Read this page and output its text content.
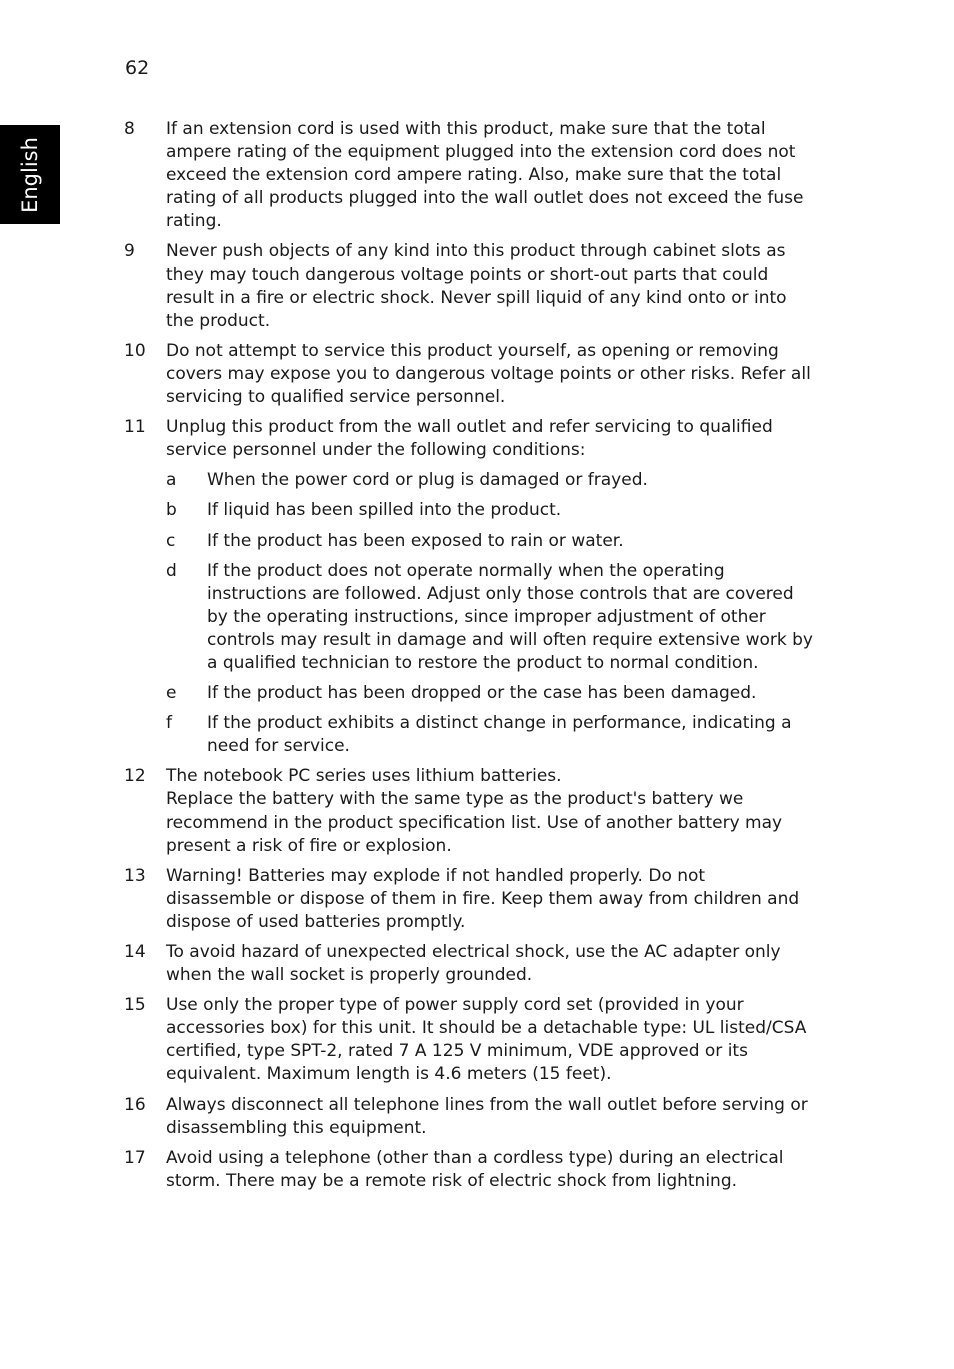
62
English
8 If an extension cord is used with this product, make sure that the total ampere rating of the equipment plugged into the extension cord does not exceed the extension cord ampere rating. Also, make sure that the total rating of all products plugged into the wall outlet does not exceed the fuse rating.
9 Never push objects of any kind into this product through cabinet slots as they may touch dangerous voltage points or short-out parts that could result in a fire or electric shock. Never spill liquid of any kind onto or into the product.
10 Do not attempt to service this product yourself, as opening or removing covers may expose you to dangerous voltage points or other risks. Refer all servicing to qualified service personnel.
11 Unplug this product from the wall outlet and refer servicing to qualified service personnel under the following conditions:
a When the power cord or plug is damaged or frayed.
b If liquid has been spilled into the product.
c If the product has been exposed to rain or water.
d If the product does not operate normally when the operating instructions are followed. Adjust only those controls that are covered by the operating instructions, since improper adjustment of other controls may result in damage and will often require extensive work by a qualified technician to restore the product to normal condition.
e If the product has been dropped or the case has been damaged.
f If the product exhibits a distinct change in performance, indicating a need for service.
12 The notebook PC series uses lithium batteries.
Replace the battery with the same type as the product's battery we recommend in the product specification list. Use of another battery may present a risk of fire or explosion.
13 Warning! Batteries may explode if not handled properly. Do not disassemble or dispose of them in fire. Keep them away from children and dispose of used batteries promptly.
14 To avoid hazard of unexpected electrical shock, use the AC adapter only when the wall socket is properly grounded.
15 Use only the proper type of power supply cord set (provided in your accessories box) for this unit. It should be a detachable type: UL listed/CSA certified, type SPT-2, rated 7 A 125 V minimum, VDE approved or its equivalent. Maximum length is 4.6 meters (15 feet).
16 Always disconnect all telephone lines from the wall outlet before serving or disassembling this equipment.
17 Avoid using a telephone (other than a cordless type) during an electrical storm. There may be a remote risk of electric shock from lightning.
